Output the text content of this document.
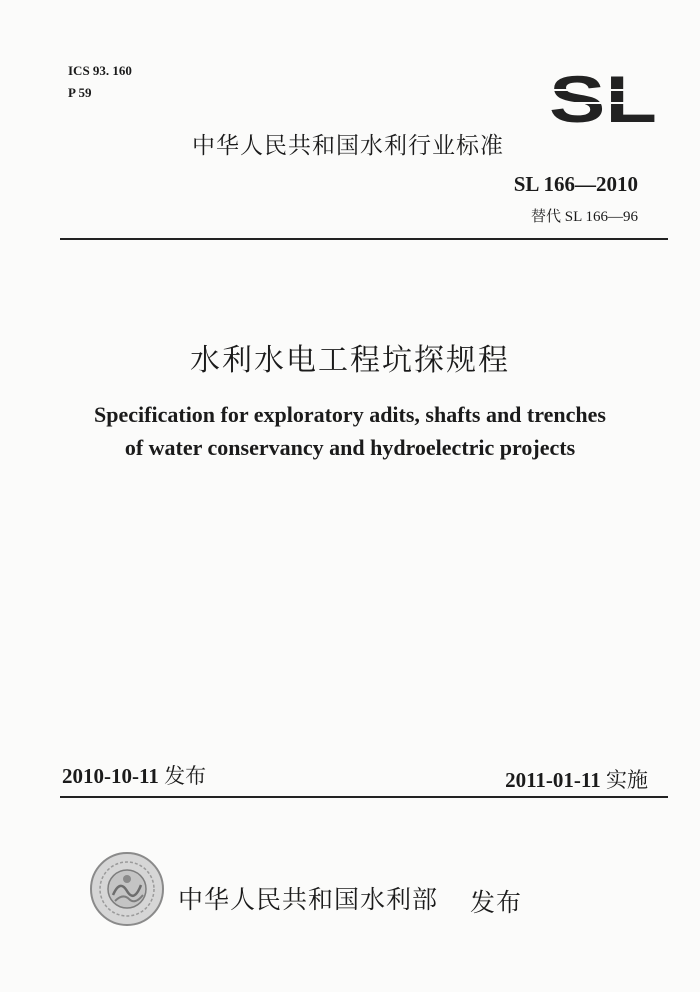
ICS 93. 160
P 59	SL
中华人民共和国水利行业标准
SL 166—2010
替代 SL 166—96
水利水电工程坑探规程
Specification for exploratory adits, shafts and trenches
of water conservancy and hydroelectric projects
2010-10-11 发布	2011-01-11 实施
中华人民共和国水利部 发布
